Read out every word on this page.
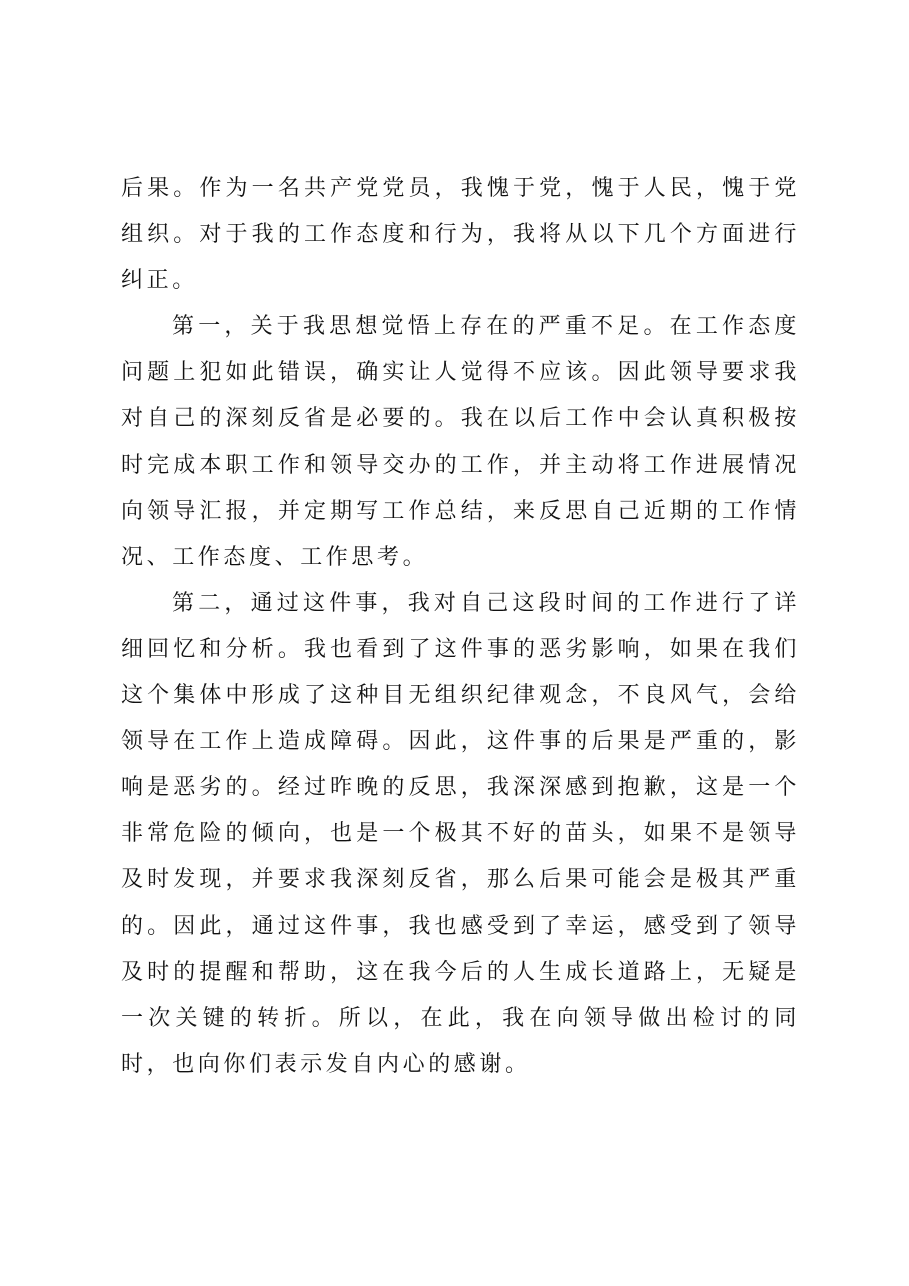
后果。作为一名共产党党员，我愧于党，愧于人民，愧于党组织。对于我的工作态度和行为，我将从以下几个方面进行纠正。

第一，关于我思想觉悟上存在的严重不足。在工作态度问题上犯如此错误，确实让人觉得不应该。因此领导要求我对自己的深刻反省是必要的。我在以后工作中会认真积极按时完成本职工作和领导交办的工作，并主动将工作进展情况向领导汇报，并定期写工作总结，来反思自己近期的工作情况、工作态度、工作思考。

第二，通过这件事，我对自己这段时间的工作进行了详细回忆和分析。我也看到了这件事的恶劣影响，如果在我们这个集体中形成了这种目无组织纪律观念，不良风气，会给领导在工作上造成障碍。因此，这件事的后果是严重的，影响是恶劣的。经过昨晚的反思，我深深感到抱歉，这是一个非常危险的倾向，也是一个极其不好的苗头，如果不是领导及时发现，并要求我深刻反省，那么后果可能会是极其严重的。因此，通过这件事，我也感受到了幸运，感受到了领导及时的提醒和帮助，这在我今后的人生成长道路上，无疑是一次关键的转折。所以，在此，我在向领导做出检讨的同时，也向你们表示发自内心的感谢。
